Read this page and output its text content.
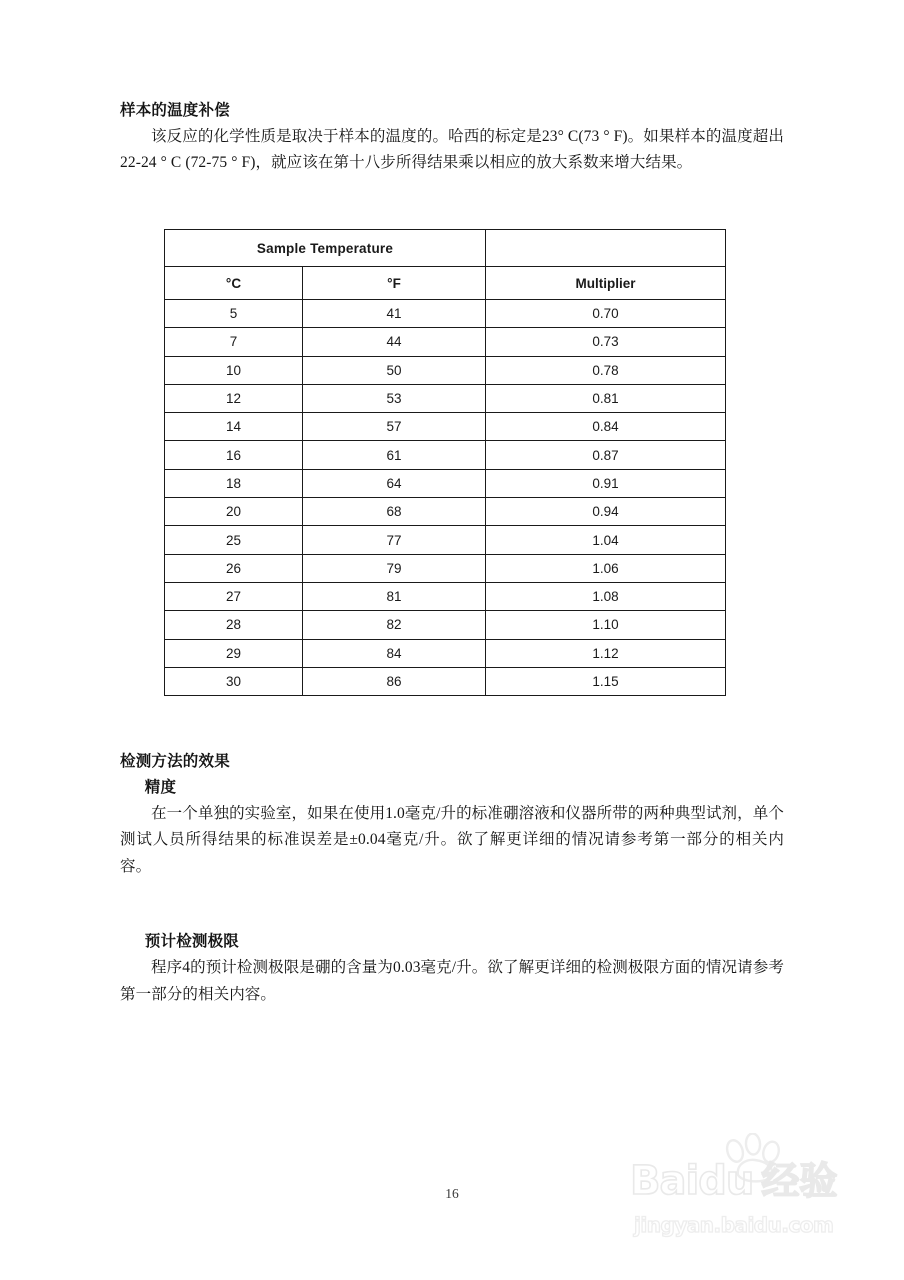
样本的温度补偿

该反应的化学性质是取决于样本的温度的。哈西的标定是23° C(73 ° F)。如果样本的温度超出22-24 ° C (72-75 ° F)，就应该在第十八步所得结果乘以相应的放大系数来增大结果。

Sample Temperature		
°C	°F	Multiplier
5	41	0.70
7	44	0.73
10	50	0.78
12	53	0.81
14	57	0.84
16	61	0.87
18	64	0.91
20	68	0.94
25	77	1.04
26	79	1.06
27	81	1.08
28	82	1.10
29	84	1.12
30	86	1.15

检测方法的效果

精度

在一个单独的实验室，如果在使用1.0毫克/升的标准硼溶液和仪器所带的两种典型试剂，单个测试人员所得结果的标准误差是±0.04毫克/升。欲了解更详细的情况请参考第一部分的相关内容。

预计检测极限

程序4的预计检测极限是硼的含量为0.03毫克/升。欲了解更详细的检测极限方面的情况请参考第一部分的相关内容。

16	Baidu 经验
jingyan.baidu.com
